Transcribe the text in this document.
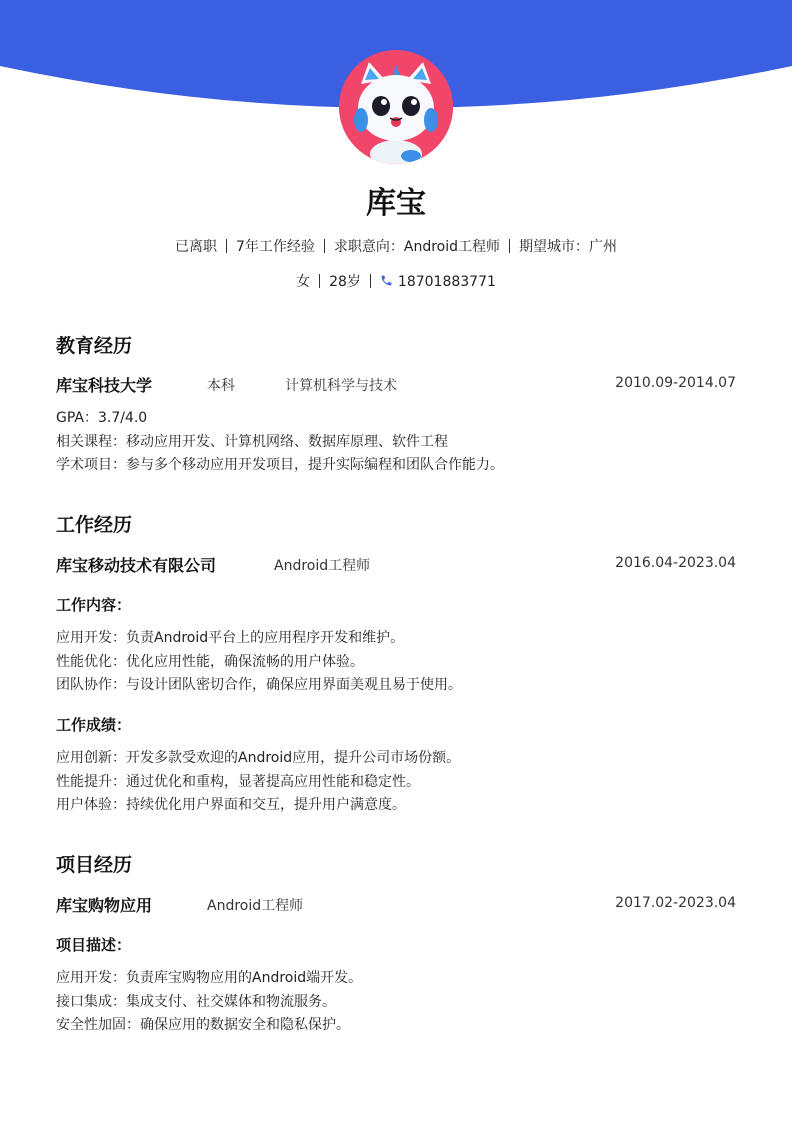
库宝
已离职 7年工作经验 求职意向：Android工程师 期望城市：广州
女 28岁	18701883771
教育经历
库宝科技大学	本科	计算机科学与技术	2010.09-2014.07
GPA：3.7/4.0
相关课程：移动应用开发、计算机网络、数据库原理、软件工程
学术项目：参与多个移动应用开发项目，提升实际编程和团队合作能力。
工作经历
库宝移动技术有限公司	Android工程师	2016.04-2023.04
工作内容：
应用开发：负责Android平台上的应用程序开发和维护。
性能优化：优化应用性能，确保流畅的用户体验。
团队协作：与设计团队密切合作，确保应用界面美观且易于使用。
工作成绩：
应用创新：开发多款受欢迎的Android应用，提升公司市场份额。
性能提升：通过优化和重构，显著提高应用性能和稳定性。
用户体验：持续优化用户界面和交互，提升用户满意度。
项目经历
库宝购物应用	Android工程师	2017.02-2023.04
项目描述：
应用开发：负责库宝购物应用的Android端开发。
接口集成：集成支付、社交媒体和物流服务。
安全性加固：确保应用的数据安全和隐私保护。
